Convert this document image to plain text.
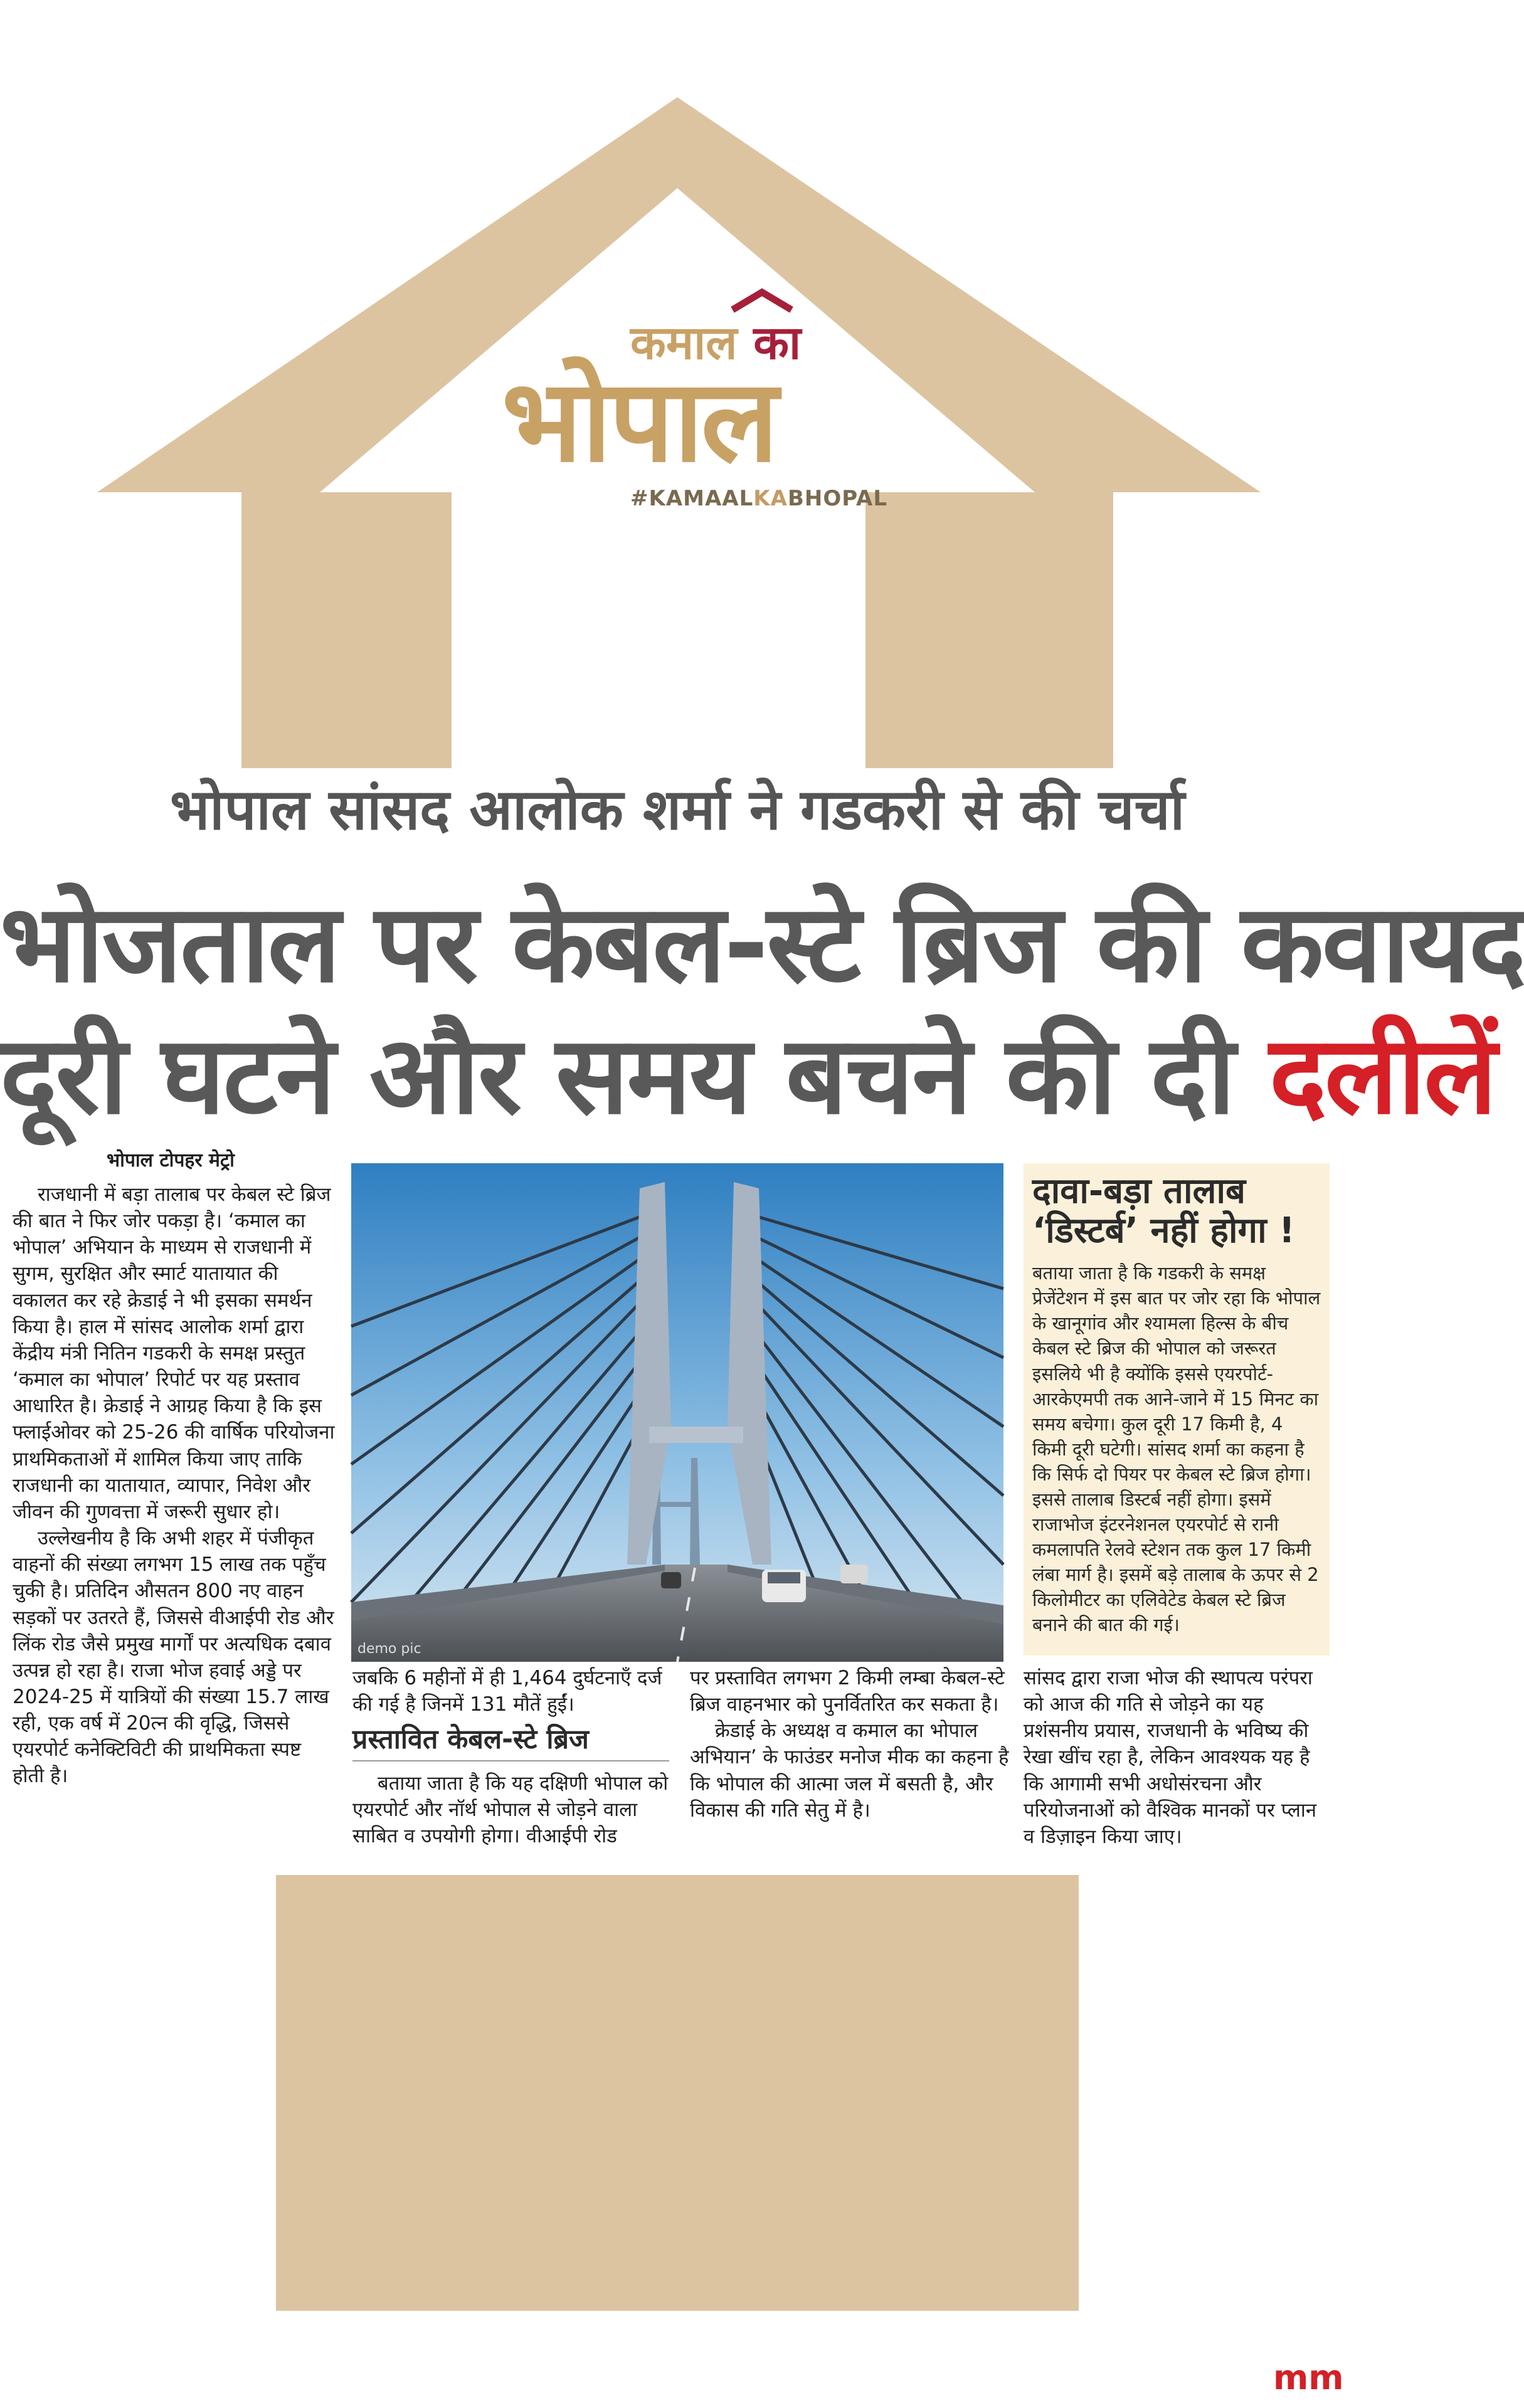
कमाल का
भोपाल
#KAMAALKABHOPAL
भोपाल सांसद आलोक शर्मा ने गडकरी से की चर्चा
भोजताल पर केबल-स्टे ब्रिज की कवायद
दूरी घटने और समय बचने की दी दलीलें
भोपाल टोपहर मेट्रो

राजधानी में बड़ा तालाब पर केबल स्टे ब्रिज की बात ने फिर जोर पकड़ा है। ‘कमाल का भोपाल’ अभियान के माध्यम से राजधानी में सुगम, सुरक्षित और स्मार्ट यातायात की वकालत कर रहे क्रेडाई ने भी इसका समर्थन किया है। हाल में सांसद आलोक शर्मा द्वारा केंद्रीय मंत्री नितिन गडकरी के समक्ष प्रस्तुत ‘कमाल का भोपाल’ रिपोर्ट पर यह प्रस्ताव आधारित है। क्रेडाई ने आग्रह किया है कि इस फ्लाईओवर को 25-26 की वार्षिक परियोजना प्राथमिकताओं में शामिल किया जाए ताकि राजधानी का यातायात, व्यापार, निवेश और जीवन की गुणवत्ता में जरूरी सुधार हो।

उल्लेखनीय है कि अभी शहर में पंजीकृत वाहनों की संख्या लगभग 15 लाख तक पहुँच चुकी है। प्रतिदिन औसतन 800 नए वाहन सड़कों पर उतरते हैं, जिससे वीआईपी रोड और लिंक रोड जैसे प्रमुख मार्गों पर अत्यधिक दबाव उत्पन्न हो रहा है। राजा भोज हवाई अड्डे पर 2024-25 में यात्रियों की संख्या 15.7 लाख रही, एक वर्ष में 20त्न की वृद्धि, जिससे एयरपोर्ट कनेक्टिविटी की प्राथमिकता स्पष्ट होती है।

demo pic
दावा-बड़ा तालाब ‘डिस्टर्ब’ नहीं होगा !
बताया जाता है कि गडकरी के समक्ष प्रेजेंटेशन में इस बात पर जोर रहा कि भोपाल के खानूगांव और श्यामला हिल्स के बीच केबल स्टे ब्रिज की भोपाल को जरूरत इसलिये भी है क्योंकि इससे एयरपोर्ट-आरकेएमपी तक आने-जाने में 15 मिनट का समय बचेगा। कुल दूरी 17 किमी है, 4 किमी दूरी घटेगी। सांसद शर्मा का कहना है कि सिर्फ दो पियर पर केबल स्टे ब्रिज होगा। इससे तालाब डिस्टर्ब नहीं होगा। इसमें राजाभोज इंटरनेशनल एयरपोर्ट से रानी कमलापति रेलवे स्टेशन तक कुल 17 किमी लंबा मार्ग है। इसमें बड़े तालाब के ऊपर से 2 किलोमीटर का एलिवेटेड केबल स्टे ब्रिज बनाने की बात की गई।

जबकि 6 महीनों में ही 1,464 दुर्घटनाएँ दर्ज की गई है जिनमें 131 मौतें हुईं।

प्रस्तावित केबल-स्टे ब्रिज

बताया जाता है कि यह दक्षिणी भोपाल को एयरपोर्ट और नॉर्थ भोपाल से जोड़ने वाला साबित व उपयोगी होगा। वीआईपी रोड

पर प्रस्तावित लगभग 2 किमी लम्बा केबल-स्टे ब्रिज वाहनभार को पुनर्वितरित कर सकता है।

क्रेडाई के अध्यक्ष व कमाल का भोपाल अभियान’ के फाउंडर मनोज मीक का कहना है कि भोपाल की आत्मा जल में बसती है, और विकास की गति सेतु में है।

सांसद द्वारा राजा भोज की स्थापत्य परंपरा को आज की गति से जोड़ने का यह प्रशंसनीय प्रयास, राजधानी के भविष्य की रेखा खींच रहा है, लेकिन आवश्यक यह है कि आगामी सभी अधोसंरचना और परियोजनाओं को वैश्विक मानकों पर प्लान व डिज़ाइन किया जाए।

mm
